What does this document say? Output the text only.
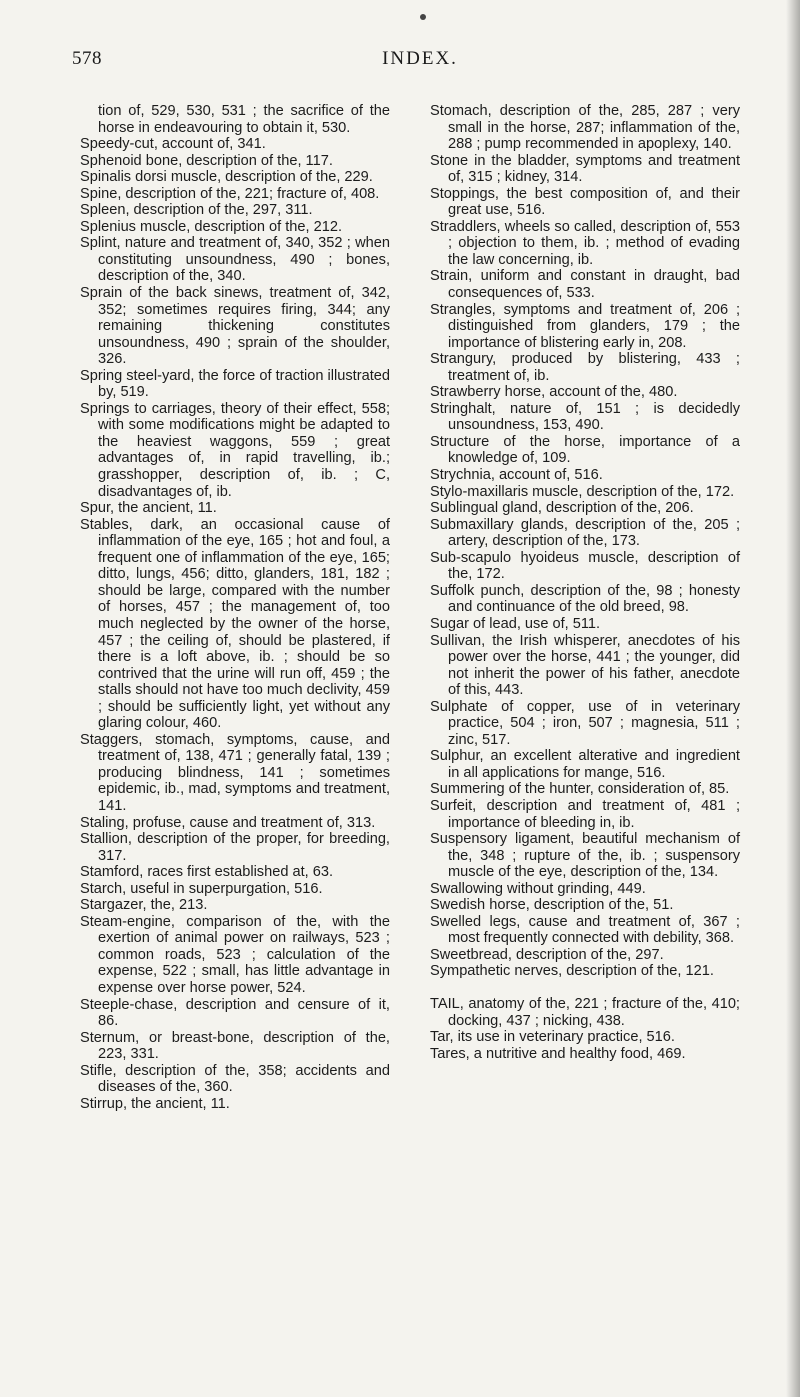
578	INDEX.

tion of, 529, 530, 531 ; the sacrifice of the horse in endeavouring to obtain it, 530.

Speedy-cut, account of, 341.

Sphenoid bone, description of the, 117.

Spinalis dorsi muscle, description of the, 229.

Spine, description of the, 221; fracture of, 408.

Spleen, description of the, 297, 311.

Splenius muscle, description of the, 212.

Splint, nature and treatment of, 340, 352 ; when constituting unsoundness, 490 ; bones, description of the, 340.

Sprain of the back sinews, treatment of, 342, 352; sometimes requires firing, 344; any remaining thickening constitutes unsoundness, 490 ; sprain of the shoulder, 326.

Spring steel-yard, the force of traction illustrated by, 519.

Springs to carriages, theory of their effect, 558; with some modifications might be adapted to the heaviest waggons, 559 ; great advantages of, in rapid travelling, ib.; grasshopper, description of, ib. ; C, disadvantages of, ib.

Spur, the ancient, 11.

Stables, dark, an occasional cause of inflammation of the eye, 165 ; hot and foul, a frequent one of inflammation of the eye, 165; ditto, lungs, 456; ditto, glanders, 181, 182 ; should be large, compared with the number of horses, 457 ; the management of, too much neglected by the owner of the horse, 457 ; the ceiling of, should be plastered, if there is a loft above, ib. ; should be so contrived that the urine will run off, 459 ; the stalls should not have too much declivity, 459 ; should be sufficiently light, yet without any glaring colour, 460.

Staggers, stomach, symptoms, cause, and treatment of, 138, 471 ; generally fatal, 139 ; producing blindness, 141 ; sometimes epidemic, ib., mad, symptoms and treatment, 141.

Staling, profuse, cause and treatment of, 313.

Stallion, description of the proper, for breeding, 317.

Stamford, races first established at, 63.

Starch, useful in superpurgation, 516.

Stargazer, the, 213.

Steam-engine, comparison of the, with the exertion of animal power on railways, 523 ; common roads, 523 ; calculation of the expense, 522 ; small, has little advantage in expense over horse power, 524.

Steeple-chase, description and censure of it, 86.

Sternum, or breast-bone, description of the, 223, 331.

Stifle, description of the, 358; accidents and diseases of the, 360.

Stirrup, the ancient, 11.

Stomach, description of the, 285, 287 ; very small in the horse, 287; inflammation of the, 288 ; pump recommended in apoplexy, 140.

Stone in the bladder, symptoms and treatment of, 315 ; kidney, 314.

Stoppings, the best composition of, and their great use, 516.

Straddlers, wheels so called, description of, 553 ; objection to them, ib. ; method of evading the law concerning, ib.

Strain, uniform and constant in draught, bad consequences of, 533.

Strangles, symptoms and treatment of, 206 ; distinguished from glanders, 179 ; the importance of blistering early in, 208.

Strangury, produced by blistering, 433 ; treatment of, ib.

Strawberry horse, account of the, 480.

Stringhalt, nature of, 151 ; is decidedly unsoundness, 153, 490.

Structure of the horse, importance of a knowledge of, 109.

Strychnia, account of, 516.

Stylo-maxillaris muscle, description of the, 172.

Sublingual gland, description of the, 206.

Submaxillary glands, description of the, 205 ; artery, description of the, 173.

Sub-scapulo hyoideus muscle, description of the, 172.

Suffolk punch, description of the, 98 ; honesty and continuance of the old breed, 98.

Sugar of lead, use of, 511.

Sullivan, the Irish whisperer, anecdotes of his power over the horse, 441 ; the younger, did not inherit the power of his father, anecdote of this, 443.

Sulphate of copper, use of in veterinary practice, 504 ; iron, 507 ; magnesia, 511 ; zinc, 517.

Sulphur, an excellent alterative and ingredient in all applications for mange, 516.

Summering of the hunter, consideration of, 85.

Surfeit, description and treatment of, 481 ; importance of bleeding in, ib.

Suspensory ligament, beautiful mechanism of the, 348 ; rupture of the, ib. ; suspensory muscle of the eye, description of the, 134.

Swallowing without grinding, 449.

Swedish horse, description of the, 51.

Swelled legs, cause and treatment of, 367 ; most frequently connected with debility, 368.

Sweetbread, description of the, 297.

Sympathetic nerves, description of the, 121.

TAIL, anatomy of the, 221 ; fracture of the, 410; docking, 437 ; nicking, 438.

Tar, its use in veterinary practice, 516.

Tares, a nutritive and healthy food, 469.
